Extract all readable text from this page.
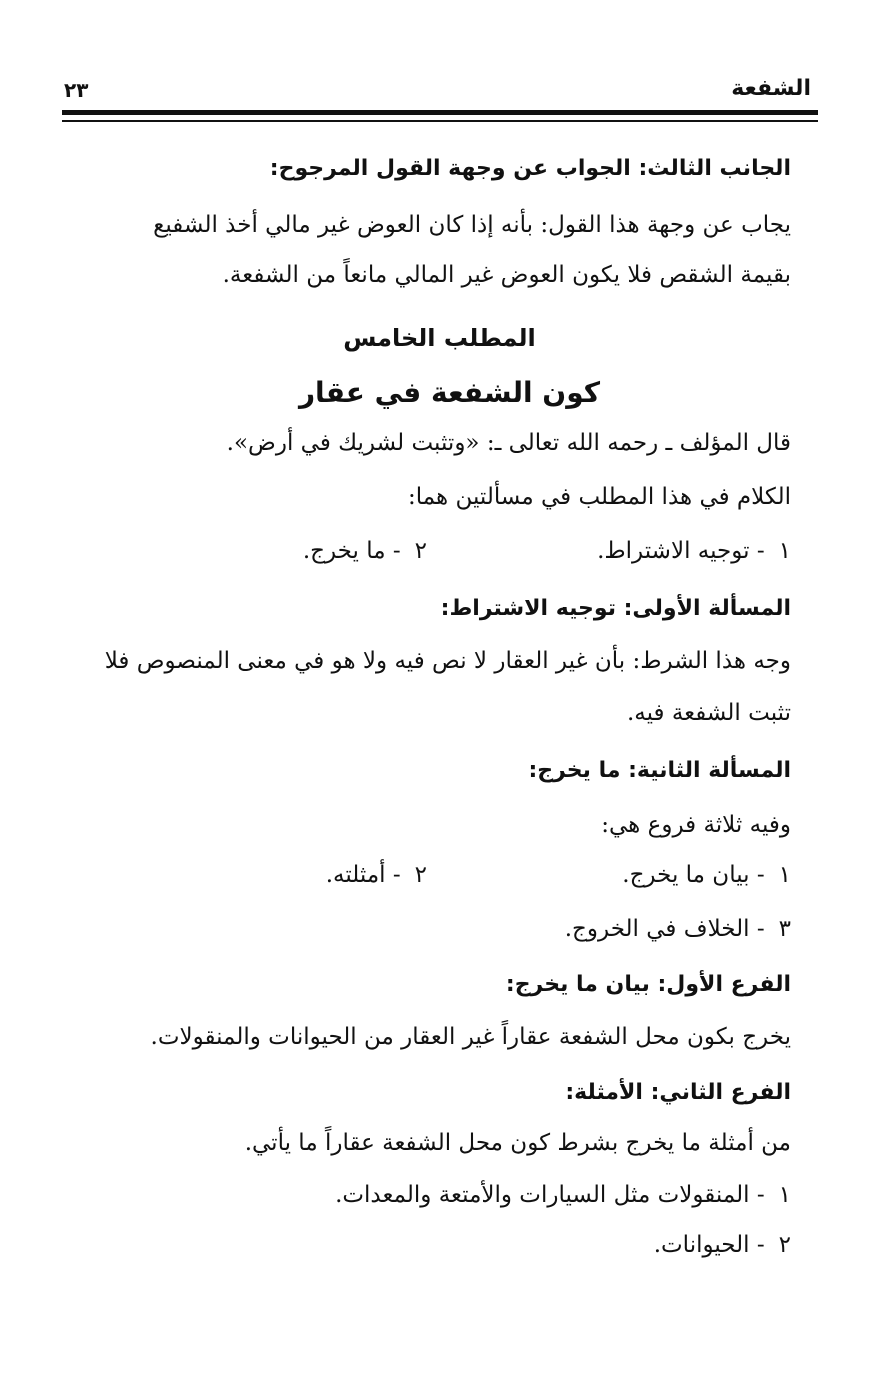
الشفعة
٢٣
الجانب الثالث: الجواب عن وجهة القول المرجوح:
يجاب عن وجهة هذا القول: بأنه إذا كان العوض غير مالي أخذ الشفيع
بقيمة الشقص فلا يكون العوض غير المالي مانعاً من الشفعة.
المطلب الخامس
كون الشفعة في عقار
قال المؤلف ـ رحمه الله تعالى ـ: «وتثبت لشريك في أرض».
الكلام في هذا المطلب في مسألتين هما:
١- توجيه الاشتراط.
٢- ما يخرج.
المسألة الأولى: توجيه الاشتراط:
وجه هذا الشرط: بأن غير العقار لا نص فيه ولا هو في معنى المنصوص فلا
تثبت الشفعة فيه.
المسألة الثانية: ما يخرج:
وفيه ثلاثة فروع هي:
١- بيان ما يخرج.
٢- أمثلته.
٣- الخلاف في الخروج.
الفرع الأول: بيان ما يخرج:
يخرج بكون محل الشفعة عقاراً غير العقار من الحيوانات والمنقولات.
الفرع الثاني: الأمثلة:
من أمثلة ما يخرج بشرط كون محل الشفعة عقاراً ما يأتي.
١- المنقولات مثل السيارات والأمتعة والمعدات.
٢- الحيوانات.
